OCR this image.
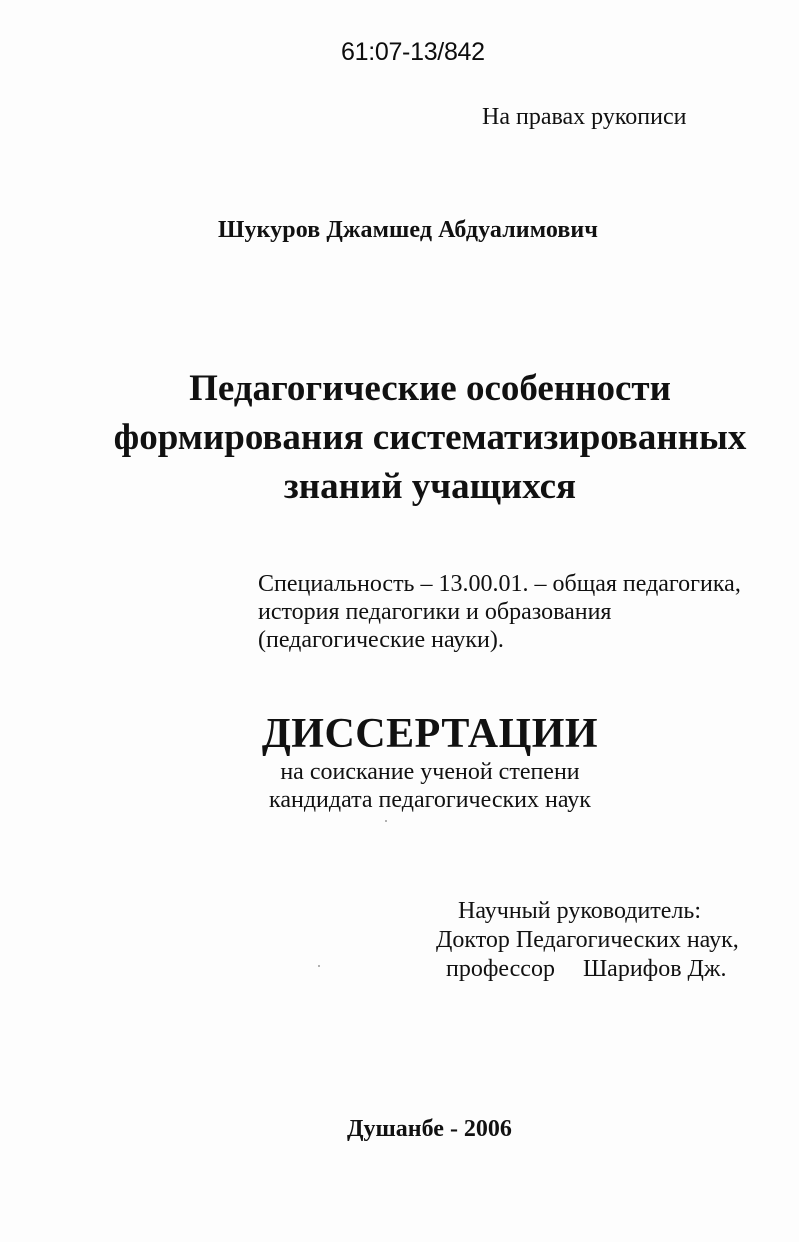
61:07-13/842
На правах рукописи
Шукуров Джамшед Абдуалимович
Педагогические особенности
формирования систематизированных
знаний учащихся
Специальность – 13.00.01. – общая педагогика,
история педагогики и образования
(педагогические науки).
ДИССЕРТАЦИИ
на соискание ученой степени
кандидата педагогических наук
Научный руководитель:
Доктор Педагогических наук,
профессор Шарифов Дж.
Душанбе - 2006
